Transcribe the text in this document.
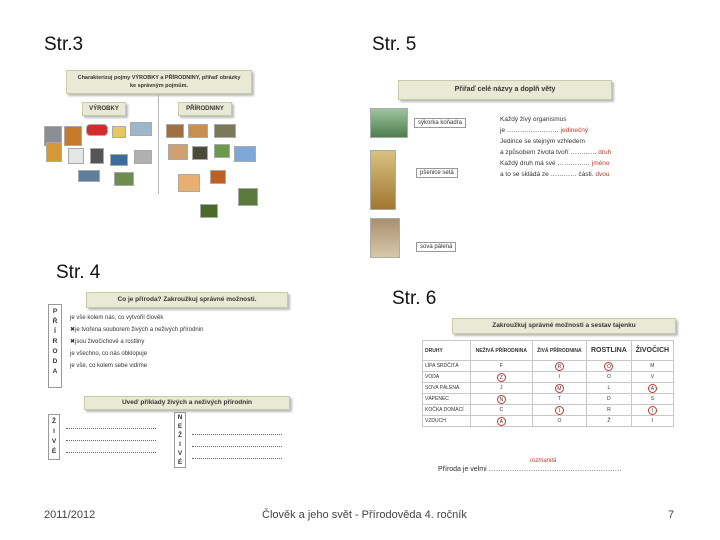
Str.3	Str. 5
Str. 4
Str. 6
Charakterizuj pojmy VÝROBKY a PŘÍRODNINY, přiřaď obrázky ke správným pojmům.
VÝROBKY	PŘÍRODNINY
Přiřaď celé názvy a doplň věty
sýkorka koňadra
pšenice setá
sova pálená
Každý živý organismus
je …………………… jedinečný
Jedince se stejným vzhledem
a způsobem života tvoří ………… druh
Každý druh má své …………… jméno
a to se skládá ze ………… části. dvou
Co je příroda? Zakroužkuj správné možnosti.
P
Ř
Í
R
O
D
A
je vše kolem nás, co vytvořil člověk
✖je tvořena souborem živých a neživých přírodnin
✖jsou živočichové a rostliny
je všechno, co nás obklopuje
je vše, co kolem sebe vidíme
Uveď příklady živých a neživých přírodnin
Ž
I
V
É
N
E
Ž
I
V
É
Zakroužkuj správné možnosti a sestav tajenku
DRUHY	NEŽIVÁ PŘÍRODNINA	ŽIVÁ PŘÍRODNINA	ROSTLINA	ŽIVOČICH
LÍPA SRDČITÁ	F	R	O	M
VODA	Z	I	O	V
SOVA PÁLENÁ	J	M	L	A
VÁPENEC	N	T	D	S
KOČKA DOMÁCÍ	C	I	R	I
VZDUCH	A	O	Ž	I
rozmanitá
Příroda je velmi …………………………………………………
2011/2012	Člověk a jeho svět - Přírodověda 4. ročník	7
